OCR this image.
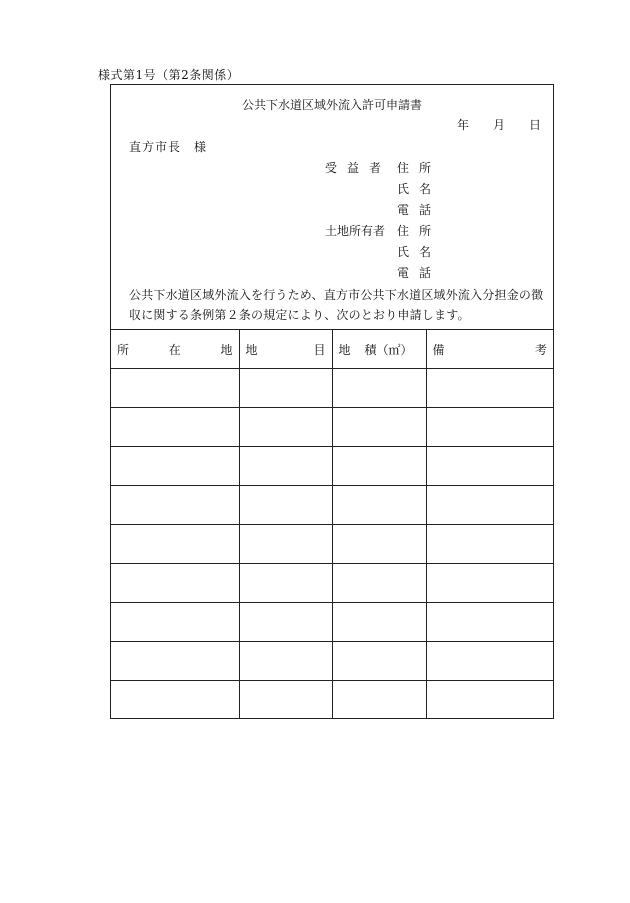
様式第1号（第2条関係）
公共下水道区域外流入許可申請書
年 月 日
直方市長　様
受 益 者 住 所
氏 名
電 話
土地所有者 住 所
氏 名
電 話
公共下水道区域外流入を行うため、直方市公共下水道区域外流入分担金の徴収に関する条例第２条の規定により、次のとおり申請します。
所 在 地	地 目	地 積（㎡）	備 考
